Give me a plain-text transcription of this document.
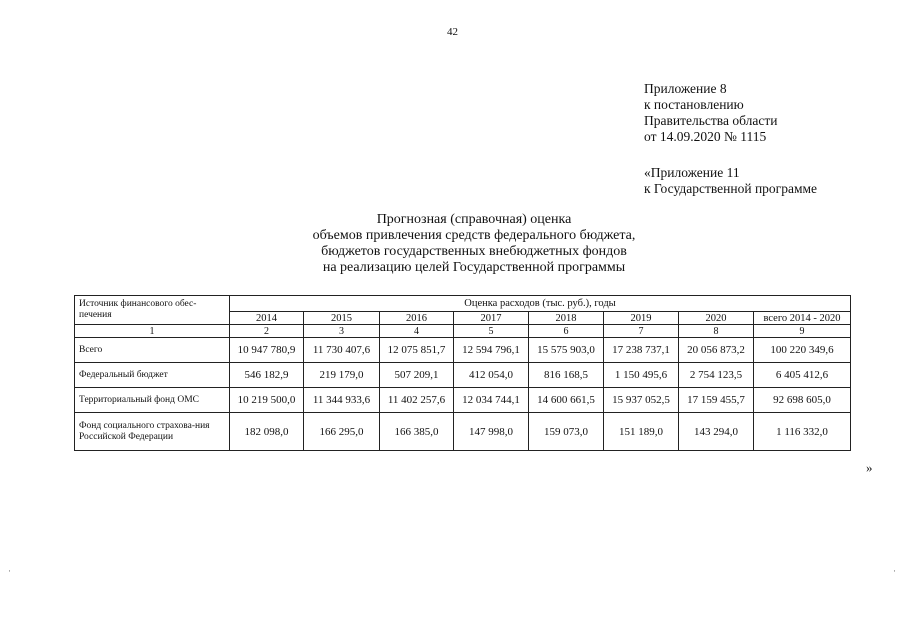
42
Приложение 8
к постановлению
Правительства области
от 14.09.2020 № 1115
«Приложение 11
к Государственной программе
Прогнозная (справочная) оценка
объемов привлечения средств федерального бюджета,
бюджетов государственных внебюджетных фондов
на реализацию целей Государственной программы
Источник финансового обес-печения	Оценка расходов (тыс. руб.), годы							
	2014	2015	2016	2017	2018	2019	2020	всего 2014 - 2020
1	2	3	4	5	6	7	8	9
Всего	10 947 780,9	11 730 407,6	12 075 851,7	12 594 796,1	15 575 903,0	17 238 737,1	20 056 873,2	100 220 349,6
Федеральный бюджет	546 182,9	219 179,0	507 209,1	412 054,0	816 168,5	1 150 495,6	2 754 123,5	6 405 412,6
Территориальный фонд ОМС	10 219 500,0	11 344 933,6	11 402 257,6	12 034 744,1	14 600 661,5	15 937 052,5	17 159 455,7	92 698 605,0
Фонд социального страхова-ния Российской Федерации	182 098,0	166 295,0	166 385,0	147 998,0	159 073,0	151 189,0	143 294,0	1 116 332,0
»
·	·
